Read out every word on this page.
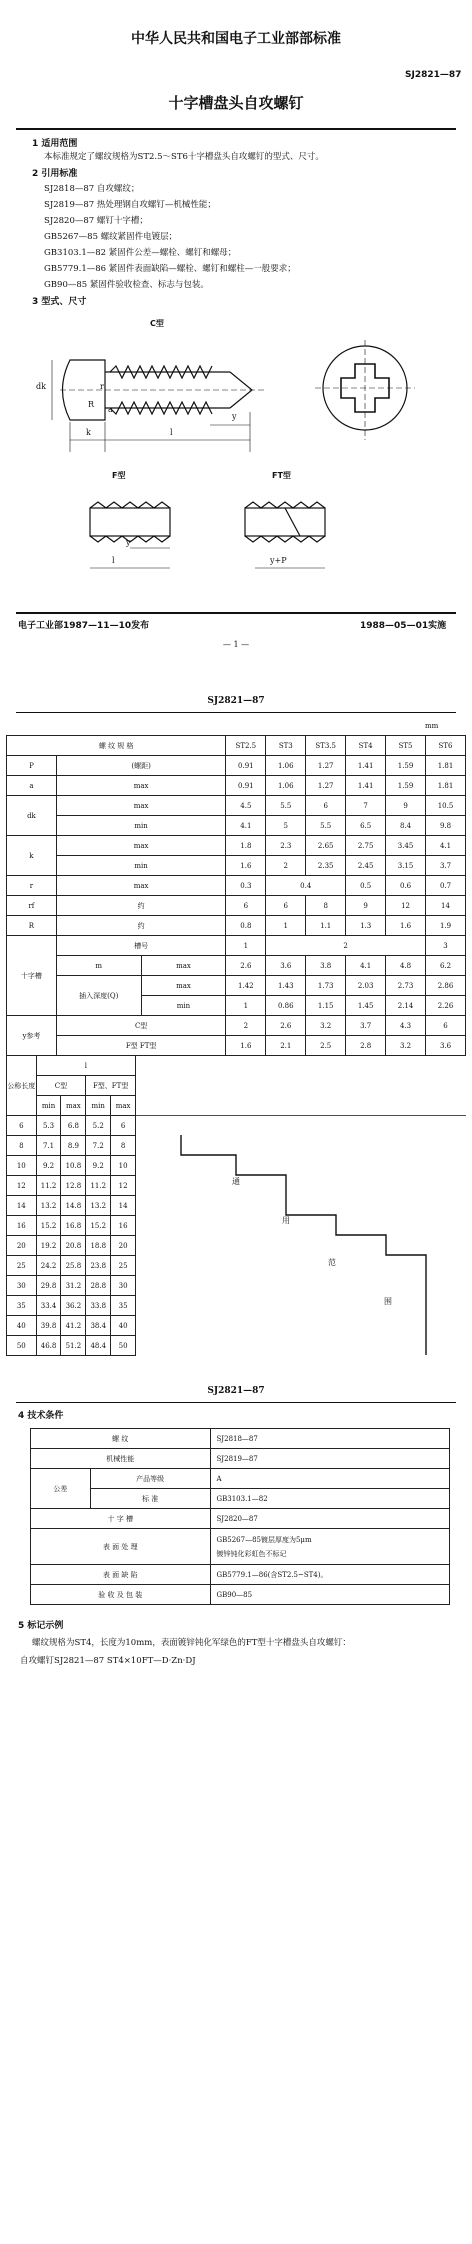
中华人民共和国电子工业部部标准
SJ2821—87
十字槽盘头自攻螺钉
1 适用范围
本标准规定了螺纹规格为ST2.5～ST6十字槽盘头自攻螺钉的型式、尺寸。
2 引用标准
SJ2818—87 自攻螺纹；
SJ2819—87 热处理钢自攻螺钉—机械性能；
SJ2820—87 螺钉十字槽；
GB5267—85 螺纹紧固件电镀层；
GB3103.1—82 紧固件公差—螺栓、螺钉和螺母；
GB5779.1—86 紧固件表面缺陷—螺栓、螺钉和螺柱—一般要求；
GB90—85 紧固件验收检查、标志与包装。
3 型式、尺寸
C型
dk	r
R
a
y
k	l
F型	FT型
y
l	y+P
电子工业部1987—11—10发布	1988—05—01实施
— 1 —
SJ2821—87
mm
螺 纹 规 格			ST2.5	ST3	ST3.5	ST4	ST5	ST6
P	(螺距)		0.91	1.06	1.27	1.41	1.59	1.81
a	max		0.91	1.06	1.27	1.41	1.59	1.81
dk	max		4.5	5.5	6	7	9	10.5
	min		4.1	5	5.5	6.5	8.4	9.8
k	max		1.8	2.3	2.65	2.75	3.45	4.1
	min		1.6	2	2.35	2.45	3.15	3.7
r	max		0.3	0.4		0.5	0.6	0.7
rf	约		6	6	8	9	12	14
R	约		0.8	1	1.1	1.3	1.6	1.9
十字槽	槽号		1	2				3
	m	max	2.6	3.6	3.8	4.1	4.8	6.2
	插入深度(Q)	max	1.42	1.43	1.73	2.03	2.73	2.86
		min	1	0.86	1.15	1.45	2.14	2.26
y参考	C型		2	2.6	3.2	3.7	4.3	6
	F型 FT型		1.6	2.1	2.5	2.8	3.2	3.6
公称长度	l			
	C型		F型、FT型	
	min	max	min	max
6	5.3	6.8	5.2	6
8	7.1	8.9	7.2	8
10	9.2	10.8	9.2	10
12	11.2	12.8	11.2	12
14	13.2	14.8	13.2	14
16	15.2	16.8	15.2	16
20	19.2	20.8	18.8	20
25	24.2	25.8	23.8	25
30	29.8	31.2	28.8	30
35	33.4	36.2	33.8	35
40	39.8	41.2	38.4	40
50	46.8	51.2	48.4	50
通
用
范
围
SJ2821—87
4 技术条件
螺 纹		SJ2818—87
机械性能		SJ2819—87
公差	产品等级	A
	标 准	GB3103.1—82
十 字 槽		SJ2820—87
表 面 处 理		GB5267—85镀层厚度为5μm
镀锌钝化彩虹色不标记

表 面 缺 陷		GB5779.1—86(含ST2.5~ST4)。
验 收 及 包 装		GB90—85
5 标记示例
螺纹规格为ST4，长度为10mm，表面镀锌钝化军绿色的FT型十字槽盘头自攻螺钉：
自攻螺钉SJ2821—87 ST4×10FT—D·Zn·DJ
